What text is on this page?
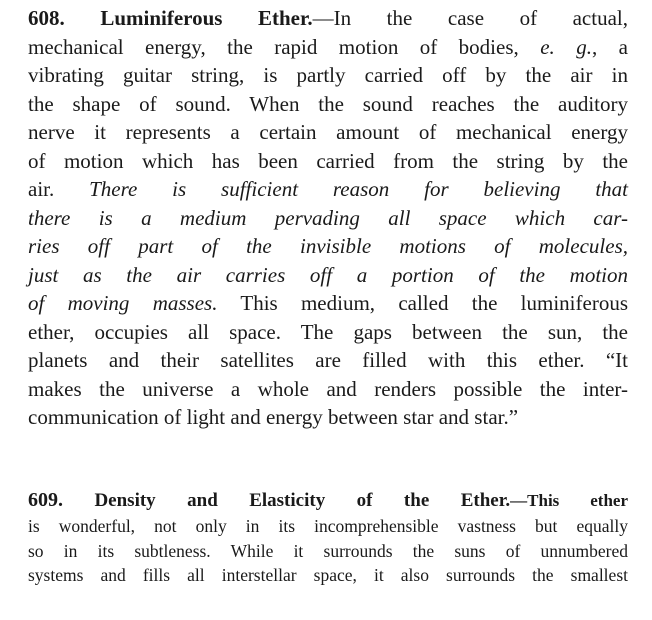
608. Luminiferous Ether.—In the case of actual,
mechanical energy, the rapid motion of bodies, e. g., a
vibrating guitar string, is partly carried off by the air in
the shape of sound. When the sound reaches the auditory
nerve it represents a certain amount of mechanical energy
of motion which has been carried from the string by the
air. There is sufficient reason for believing that
there is a medium pervading all space which car-
ries off part of the invisible motions of molecules,
just as the air carries off a portion of the motion
of moving masses. This medium, called the luminiferous
ether, occupies all space. The gaps between the sun, the
planets and their satellites are filled with this ether. “It
makes the universe a whole and renders possible the inter-
communication of light and energy between star and star.”
609. Density and Elasticity of the Ether.—This ether
is wonderful, not only in its incomprehensible vastness but equally
so in its subtleness. While it surrounds the suns of unnumbered
systems and fills all interstellar space, it also surrounds the smallest
